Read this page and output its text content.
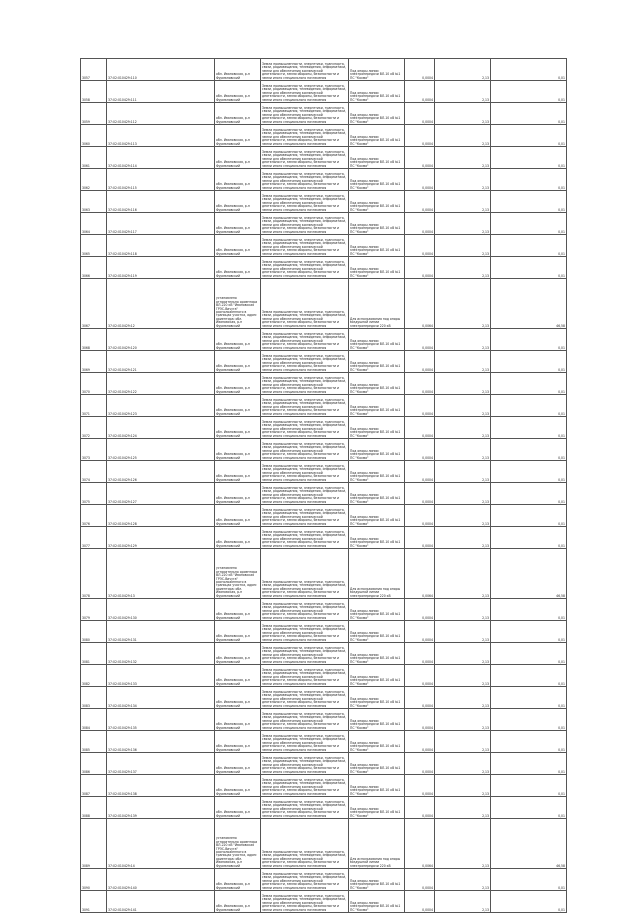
3057	37:02:010429:110	обл. Ивановская, р-н Фурмановский	Земли промышленности, энергетики, транспорта, связи, радиовещания, телевидения, информатики, земли для обеспечения космической деятельности, земли обороны, безопасности и земли иного специального назначения	Под опоры линии электропередачи ВЛ-10 кВ №1 ПС "Кохма"	0,0004	2,13	0,01
3058	37:02:010429:111	обл. Ивановская, р-н Фурмановский	Земли промышленности, энергетики, транспорта, связи, радиовещания, телевидения, информатики, земли для обеспечения космической деятельности, земли обороны, безопасности и земли иного специального назначения	Под опоры линии электропередачи ВЛ-10 кВ №1 ПС "Кохма"	0,0004	2,13	0,01
3059	37:02:010429:112	обл. Ивановская, р-н Фурмановский	Земли промышленности, энергетики, транспорта, связи, радиовещания, телевидения, информатики, земли для обеспечения космической деятельности, земли обороны, безопасности и земли иного специального назначения	Под опоры линии электропередачи ВЛ-10 кВ №1 ПС "Кохма"	0,0004	2,13	0,01
3060	37:02:010429:113	обл. Ивановская, р-н Фурмановский	Земли промышленности, энергетики, транспорта, связи, радиовещания, телевидения, информатики, земли для обеспечения космической деятельности, земли обороны, безопасности и земли иного специального назначения	Под опоры линии электропередачи ВЛ-10 кВ №1 ПС "Кохма"	0,0004	2,13	0,01
3061	37:02:010429:114	обл. Ивановская, р-н Фурмановский	Земли промышленности, энергетики, транспорта, связи, радиовещания, телевидения, информатики, земли для обеспечения космической деятельности, земли обороны, безопасности и земли иного специального назначения	Под опоры линии электропередачи ВЛ-10 кВ №1 ПС "Кохма"	0,0004	2,13	0,01
3062	37:02:010429:115	обл. Ивановская, р-н Фурмановский	Земли промышленности, энергетики, транспорта, связи, радиовещания, телевидения, информатики, земли для обеспечения космической деятельности, земли обороны, безопасности и земли иного специального назначения	Под опоры линии электропередачи ВЛ-10 кВ №1 ПС "Кохма"	0,0004	2,13	0,01
3063	37:02:010429:116	обл. Ивановская, р-н Фурмановский	Земли промышленности, энергетики, транспорта, связи, радиовещания, телевидения, информатики, земли для обеспечения космической деятельности, земли обороны, безопасности и земли иного специального назначения	Под опоры линии электропередачи ВЛ-10 кВ №1 ПС "Кохма"	0,0004	2,13	0,01
3064	37:02:010429:117	обл. Ивановская, р-н Фурмановский	Земли промышленности, энергетики, транспорта, связи, радиовещания, телевидения, информатики, земли для обеспечения космической деятельности, земли обороны, безопасности и земли иного специального назначения	Под опоры линии электропередачи ВЛ-10 кВ №1 ПС "Кохма"	0,0004	2,13	0,01
3065	37:02:010429:118	обл. Ивановская, р-н Фурмановский	Земли промышленности, энергетики, транспорта, связи, радиовещания, телевидения, информатики, земли для обеспечения космической деятельности, земли обороны, безопасности и земли иного специального назначения	Под опоры линии электропередачи ВЛ-10 кВ №1 ПС "Кохма"	0,0004	2,13	0,01
3066	37:02:010429:119	обл. Ивановская, р-н Фурмановский	Земли промышленности, энергетики, транспорта, связи, радиовещания, телевидения, информатики, земли для обеспечения космической деятельности, земли обороны, безопасности и земли иного специального назначения	Под опоры линии электропередачи ВЛ-10 кВ №1 ПС "Кохма"	0,0004	2,13	0,01
3067	37:02:010429:12	установлено относительно ориентира ВЛ-220 кВ "Ивановская ГРЭС-Вичуга" расположенного в границах участка, адрес ориентира: обл. Ивановская, р-н Фурмановский	Земли промышленности, энергетики, транспорта, связи, радиовещания, телевидения, информатики, земли для обеспечения космической деятельности, земли обороны, безопасности и земли иного специального назначения	Для использования под опоры воздушной линии электропередачи 220 кВ	0,0064	2,13	46,58
3068	37:02:010429:120	обл. Ивановская, р-н Фурмановский	Земли промышленности, энергетики, транспорта, связи, радиовещания, телевидения, информатики, земли для обеспечения космической деятельности, земли обороны, безопасности и земли иного специального назначения	Под опоры линии электропередачи ВЛ-10 кВ №1 ПС "Кохма"	0,0004	2,13	0,01
3069	37:02:010429:121	обл. Ивановская, р-н Фурмановский	Земли промышленности, энергетики, транспорта, связи, радиовещания, телевидения, информатики, земли для обеспечения космической деятельности, земли обороны, безопасности и земли иного специального назначения	Под опоры линии электропередачи ВЛ-10 кВ №1 ПС "Кохма"	0,0004	2,13	0,01
3070	37:02:010429:122	обл. Ивановская, р-н Фурмановский	Земли промышленности, энергетики, транспорта, связи, радиовещания, телевидения, информатики, земли для обеспечения космической деятельности, земли обороны, безопасности и земли иного специального назначения	Под опоры линии электропередачи ВЛ-10 кВ №1 ПС "Кохма"	0,0004	2,13	0,01
3071	37:02:010429:123	обл. Ивановская, р-н Фурмановский	Земли промышленности, энергетики, транспорта, связи, радиовещания, телевидения, информатики, земли для обеспечения космической деятельности, земли обороны, безопасности и земли иного специального назначения	Под опоры линии электропередачи ВЛ-10 кВ №1 ПС "Кохма"	0,0004	2,13	0,01
3072	37:02:010429:124	обл. Ивановская, р-н Фурмановский	Земли промышленности, энергетики, транспорта, связи, радиовещания, телевидения, информатики, земли для обеспечения космической деятельности, земли обороны, безопасности и земли иного специального назначения	Под опоры линии электропередачи ВЛ-10 кВ №1 ПС "Кохма"	0,0004	2,13	0,01
3073	37:02:010429:125	обл. Ивановская, р-н Фурмановский	Земли промышленности, энергетики, транспорта, связи, радиовещания, телевидения, информатики, земли для обеспечения космической деятельности, земли обороны, безопасности и земли иного специального назначения	Под опоры линии электропередачи ВЛ-10 кВ №1 ПС "Кохма"	0,0004	2,13	0,01
3074	37:02:010429:126	обл. Ивановская, р-н Фурмановский	Земли промышленности, энергетики, транспорта, связи, радиовещания, телевидения, информатики, земли для обеспечения космической деятельности, земли обороны, безопасности и земли иного специального назначения	Под опоры линии электропередачи ВЛ-10 кВ №1 ПС "Кохма"	0,0004	2,13	0,01
3075	37:02:010429:127	обл. Ивановская, р-н Фурмановский	Земли промышленности, энергетики, транспорта, связи, радиовещания, телевидения, информатики, земли для обеспечения космической деятельности, земли обороны, безопасности и земли иного специального назначения	Под опоры линии электропередачи ВЛ-10 кВ №1 ПС "Кохма"	0,0004	2,13	0,01
3076	37:02:010429:128	обл. Ивановская, р-н Фурмановский	Земли промышленности, энергетики, транспорта, связи, радиовещания, телевидения, информатики, земли для обеспечения космической деятельности, земли обороны, безопасности и земли иного специального назначения	Под опоры линии электропередачи ВЛ-10 кВ №1 ПС "Кохма"	0,0004	2,13	0,01
3077	37:02:010429:129	обл. Ивановская, р-н Фурмановский	Земли промышленности, энергетики, транспорта, связи, радиовещания, телевидения, информатики, земли для обеспечения космической деятельности, земли обороны, безопасности и земли иного специального назначения	Под опоры линии электропередачи ВЛ-10 кВ №1 ПС "Кохма"	0,0004	2,13	0,01
3078	37:02:010429:13	установлено относительно ориентира ВЛ-220 кВ "Ивановская ГРЭС-Вичуга" расположенного в границах участка, адрес ориентира: обл. Ивановская, р-н Фурмановский	Земли промышленности, энергетики, транспорта, связи, радиовещания, телевидения, информатики, земли для обеспечения космической деятельности, земли обороны, безопасности и земли иного специального назначения	Для использования под опоры воздушной линии электропередачи 220 кВ	0,0064	2,13	46,58
3079	37:02:010429:130	обл. Ивановская, р-н Фурмановский	Земли промышленности, энергетики, транспорта, связи, радиовещания, телевидения, информатики, земли для обеспечения космической деятельности, земли обороны, безопасности и земли иного специального назначения	Под опоры линии электропередачи ВЛ-10 кВ №1 ПС "Кохма"	0,0004	2,13	0,01
3080	37:02:010429:131	обл. Ивановская, р-н Фурмановский	Земли промышленности, энергетики, транспорта, связи, радиовещания, телевидения, информатики, земли для обеспечения космической деятельности, земли обороны, безопасности и земли иного специального назначения	Под опоры линии электропередачи ВЛ-10 кВ №1 ПС "Кохма"	0,0004	2,13	0,01
3081	37:02:010429:132	обл. Ивановская, р-н Фурмановский	Земли промышленности, энергетики, транспорта, связи, радиовещания, телевидения, информатики, земли для обеспечения космической деятельности, земли обороны, безопасности и земли иного специального назначения	Под опоры линии электропередачи ВЛ-10 кВ №1 ПС "Кохма"	0,0004	2,13	0,01
3082	37:02:010429:133	обл. Ивановская, р-н Фурмановский	Земли промышленности, энергетики, транспорта, связи, радиовещания, телевидения, информатики, земли для обеспечения космической деятельности, земли обороны, безопасности и земли иного специального назначения	Под опоры линии электропередачи ВЛ-10 кВ №1 ПС "Кохма"	0,0004	2,13	0,01
3083	37:02:010429:134	обл. Ивановская, р-н Фурмановский	Земли промышленности, энергетики, транспорта, связи, радиовещания, телевидения, информатики, земли для обеспечения космической деятельности, земли обороны, безопасности и земли иного специального назначения	Под опоры линии электропередачи ВЛ-10 кВ №1 ПС "Кохма"	0,0004	2,13	0,01
3084	37:02:010429:135	обл. Ивановская, р-н Фурмановский	Земли промышленности, энергетики, транспорта, связи, радиовещания, телевидения, информатики, земли для обеспечения космической деятельности, земли обороны, безопасности и земли иного специального назначения	Под опоры линии электропередачи ВЛ-10 кВ №1 ПС "Кохма"	0,0004	2,13	0,01
3085	37:02:010429:136	обл. Ивановская, р-н Фурмановский	Земли промышленности, энергетики, транспорта, связи, радиовещания, телевидения, информатики, земли для обеспечения космической деятельности, земли обороны, безопасности и земли иного специального назначения	Под опоры линии электропередачи ВЛ-10 кВ №1 ПС "Кохма"	0,0004	2,13	0,01
3086	37:02:010429:137	обл. Ивановская, р-н Фурмановский	Земли промышленности, энергетики, транспорта, связи, радиовещания, телевидения, информатики, земли для обеспечения космической деятельности, земли обороны, безопасности и земли иного специального назначения	Под опоры линии электропередачи ВЛ-10 кВ №1 ПС "Кохма"	0,0004	2,13	0,01
3087	37:02:010429:138	обл. Ивановская, р-н Фурмановский	Земли промышленности, энергетики, транспорта, связи, радиовещания, телевидения, информатики, земли для обеспечения космической деятельности, земли обороны, безопасности и земли иного специального назначения	Под опоры линии электропередачи ВЛ-10 кВ №1 ПС "Кохма"	0,0004	2,13	0,01
3088	37:02:010429:139	обл. Ивановская, р-н Фурмановский	Земли промышленности, энергетики, транспорта, связи, радиовещания, телевидения, информатики, земли для обеспечения космической деятельности, земли обороны, безопасности и земли иного специального назначения	Под опоры линии электропередачи ВЛ-10 кВ №1 ПС "Кохма"	0,0004	2,13	0,01
3089	37:02:010429:14	установлено относительно ориентира ВЛ-220 кВ "Ивановская ГРЭС-Вичуга" расположенного в границах участка, адрес ориентира: обл. Ивановская, р-н Фурмановский	Земли промышленности, энергетики, транспорта, связи, радиовещания, телевидения, информатики, земли для обеспечения космической деятельности, земли обороны, безопасности и земли иного специального назначения	Для использования под опоры воздушной линии электропередачи 220 кВ	0,0064	2,13	46,58
3090	37:02:010429:140	обл. Ивановская, р-н Фурмановский	Земли промышленности, энергетики, транспорта, связи, радиовещания, телевидения, информатики, земли для обеспечения космической деятельности, земли обороны, безопасности и земли иного специального назначения	Под опоры линии электропередачи ВЛ-10 кВ №1 ПС "Кохма"	0,0004	2,13	0,01
3091	37:02:010429:141	обл. Ивановская, р-н Фурмановский	Земли промышленности, энергетики, транспорта, связи, радиовещания, телевидения, информатики, земли для обеспечения космической деятельности, земли обороны, безопасности и земли иного специального назначения	Под опоры линии электропередачи ВЛ-10 кВ №1 ПС "Кохма"	0,0004	2,13	0,01
